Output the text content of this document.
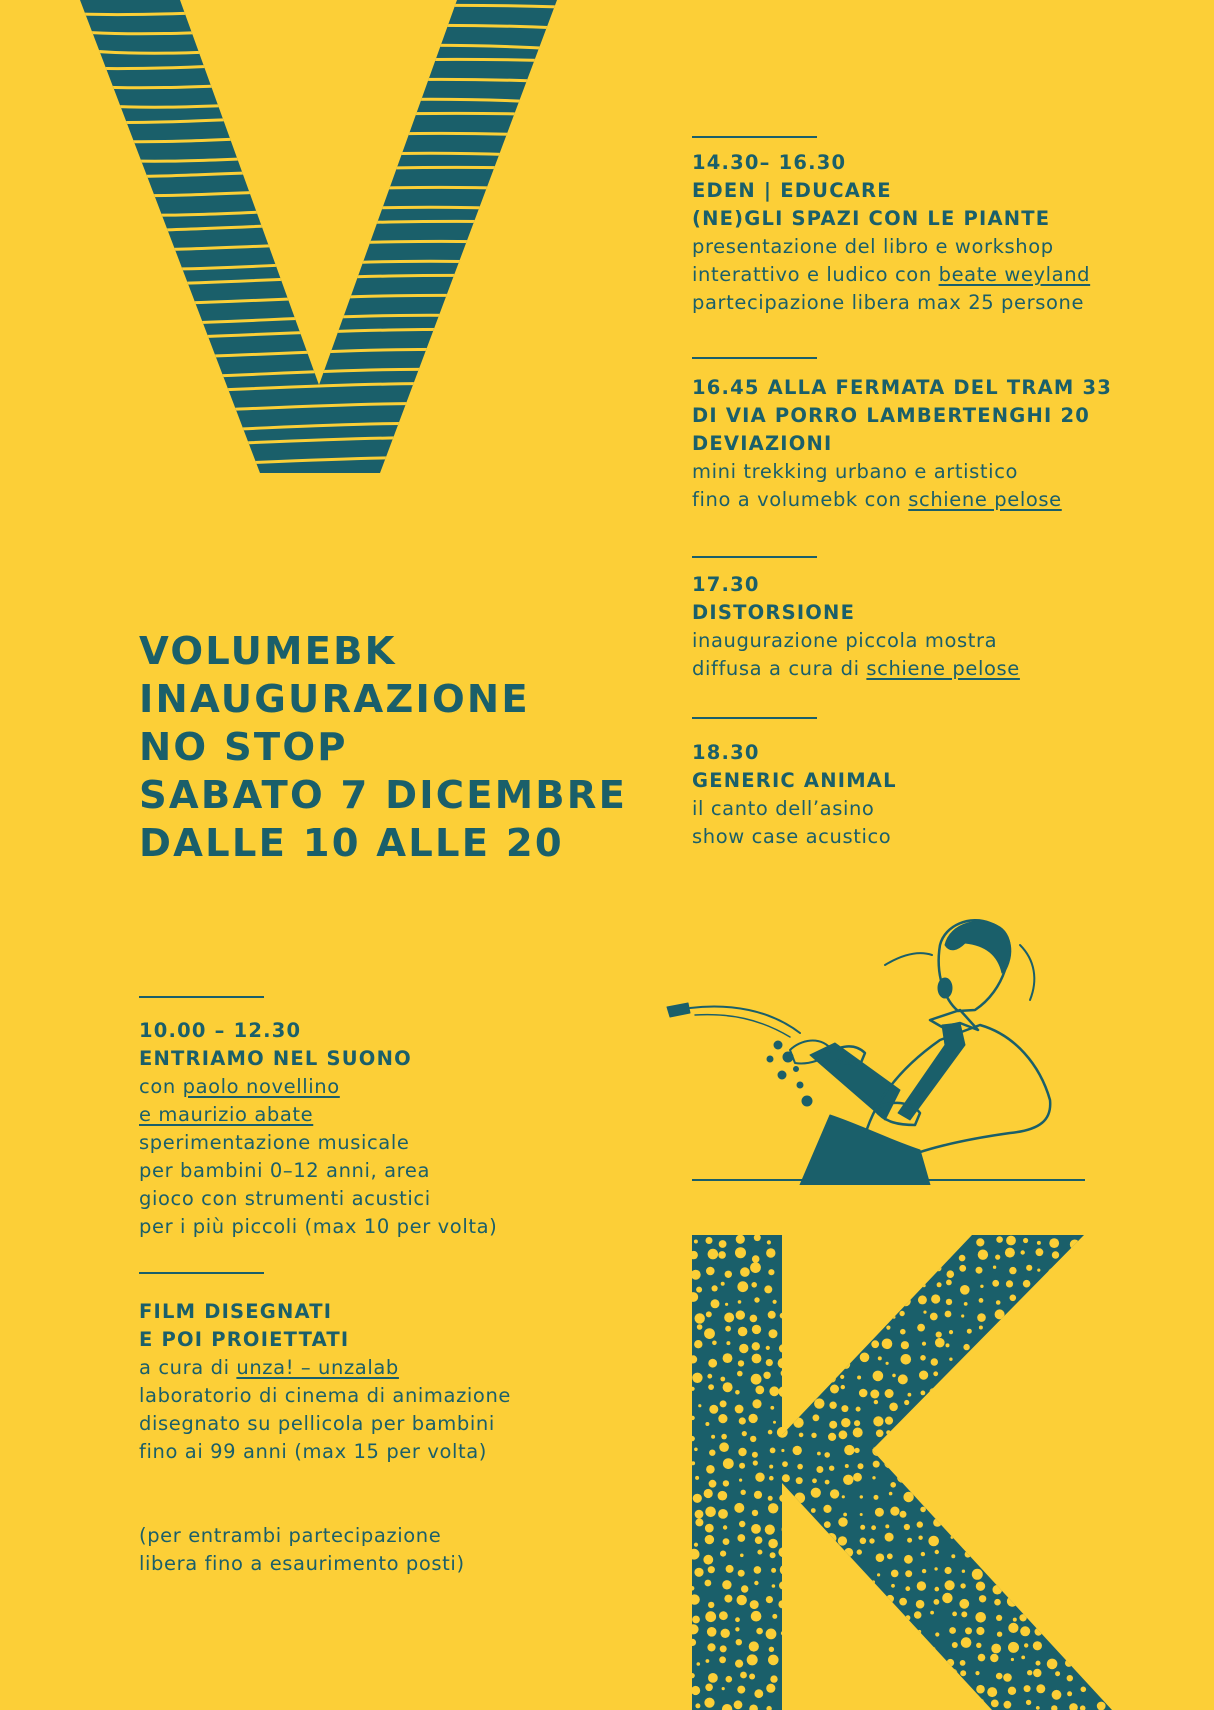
VOLUMEBK
INAUGURAZIONE
NO STOP
SABATO 7 DICEMBRE
DALLE 10 ALLE 20

14.30– 16.30

EDEN | EDUCARE

(NE)GLI SPAZI CON LE PIANTE

presentazione del libro e workshop

interattivo e ludico con beate weyland

partecipazione libera max 25 persone

16.45 ALLA FERMATA DEL TRAM 33

DI VIA PORRO LAMBERTENGHI 20

DEVIAZIONI

mini trekking urbano e artistico

fino a volumebk con schiene pelose

17.30

DISTORSIONE

inaugurazione piccola mostra

diffusa a cura di schiene pelose

18.30

GENERIC ANIMAL

il canto dell’asino

show case acustico

10.00 – 12.30

ENTRIAMO NEL SUONO

con paolo novellino

e maurizio abate

sperimentazione musicale

per bambini 0–12 anni, area

gioco con strumenti acustici

per i più piccoli (max 10 per volta)

FILM DISEGNATI

E POI PROIETTATI

a cura di unza! – unzalab

laboratorio di cinema di animazione

disegnato su pellicola per bambini

fino ai 99 anni (max 15 per volta)

(per entrambi partecipazione

libera fino a esaurimento posti)
